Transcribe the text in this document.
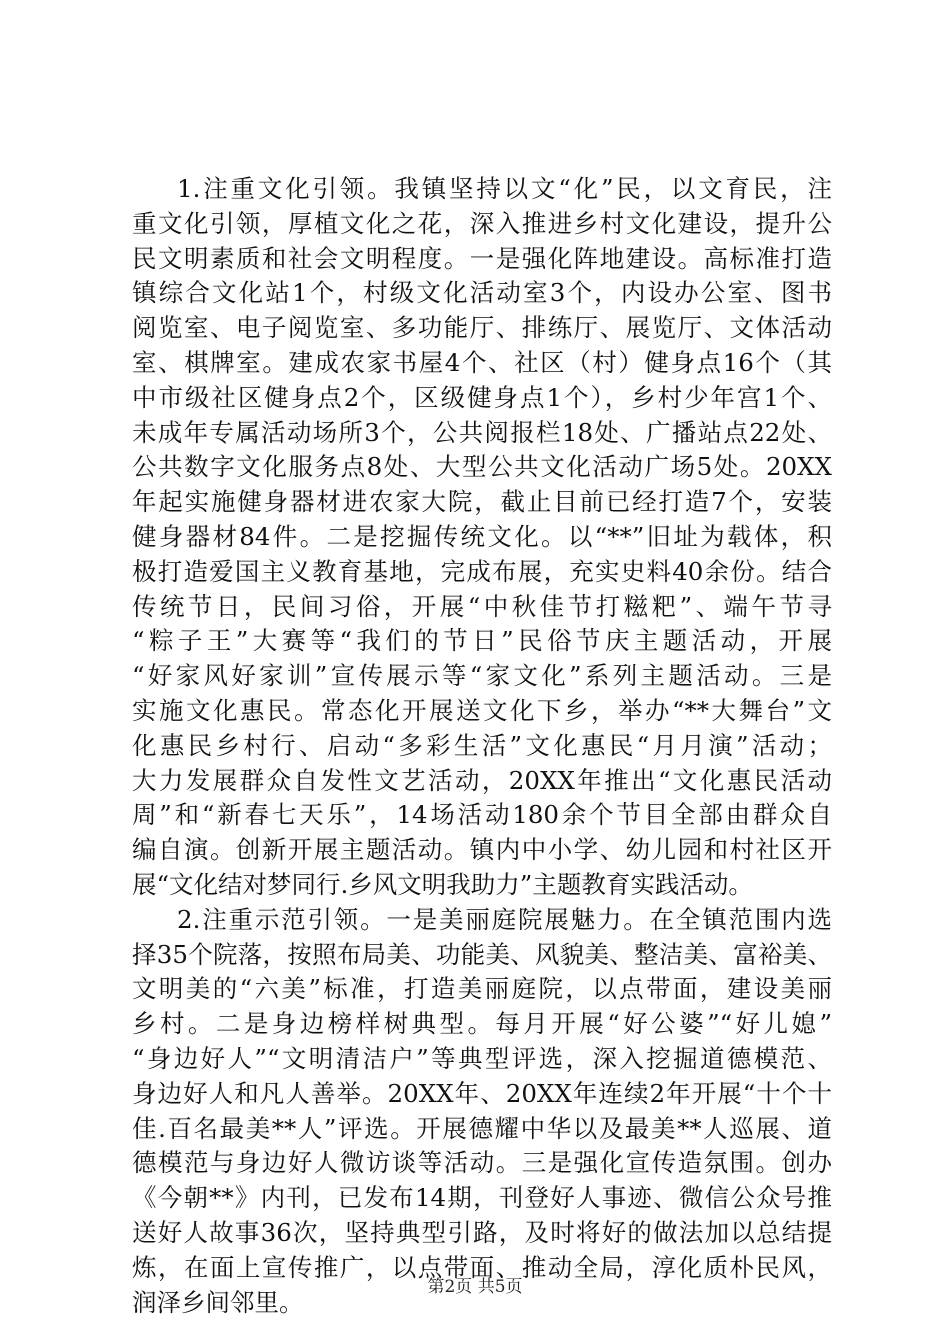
1.注重文化引领。我镇坚持以文“化”民，以文育民，注
重文化引领，厚植文化之花，深入推进乡村文化建设，提升公
民文明素质和社会文明程度。一是强化阵地建设。高标准打造
镇综合文化站1个，村级文化活动室3个，内设办公室、图书
阅览室、电子阅览室、多功能厅、排练厅、展览厅、文体活动
室、棋牌室。建成农家书屋4个、社区（村）健身点16个（其
中市级社区健身点2个，区级健身点1个），乡村少年宫1个、
未成年专属活动场所3个，公共阅报栏18处、广播站点22处、
公共数字文化服务点8处、大型公共文化活动广场5处。20XX
年起实施健身器材进农家大院，截止目前已经打造7个，安装
健身器材84件。二是挖掘传统文化。以“**”旧址为载体，积
极打造爱国主义教育基地，完成布展，充实史料40余份。结合
传统节日，民间习俗，开展“中秋佳节打糍粑”、端午节寻
“粽子王”大赛等“我们的节日”民俗节庆主题活动，开展
“好家风好家训”宣传展示等“家文化”系列主题活动。三是
实施文化惠民。常态化开展送文化下乡，举办“**大舞台”文
化惠民乡村行、启动“多彩生活”文化惠民“月月演”活动；
大力发展群众自发性文艺活动，20XX年推出“文化惠民活动
周”和“新春七天乐”，14场活动180余个节目全部由群众自
编自演。创新开展主题活动。镇内中小学、幼儿园和村社区开
展“文化结对梦同行.乡风文明我助力”主题教育实践活动。
2.注重示范引领。一是美丽庭院展魅力。在全镇范围内选
择35个院落，按照布局美、功能美、风貌美、整洁美、富裕美、
文明美的“六美”标准，打造美丽庭院，以点带面，建设美丽
乡村。二是身边榜样树典型。每月开展“好公婆”“好儿媳”
“身边好人”“文明清洁户”等典型评选，深入挖掘道德模范、
身边好人和凡人善举。20XX年、20XX年连续2年开展“十个十
佳.百名最美**人”评选。开展德耀中华以及最美**人巡展、道
德模范与身边好人微访谈等活动。三是强化宣传造氛围。创办
《今朝**》内刊，已发布14期，刊登好人事迹、微信公众号推
送好人故事36次，坚持典型引路，及时将好的做法加以总结提
炼，在面上宣传推广，以点带面、推动全局，淳化质朴民风，
润泽乡间邻里。
第2页 共5页
